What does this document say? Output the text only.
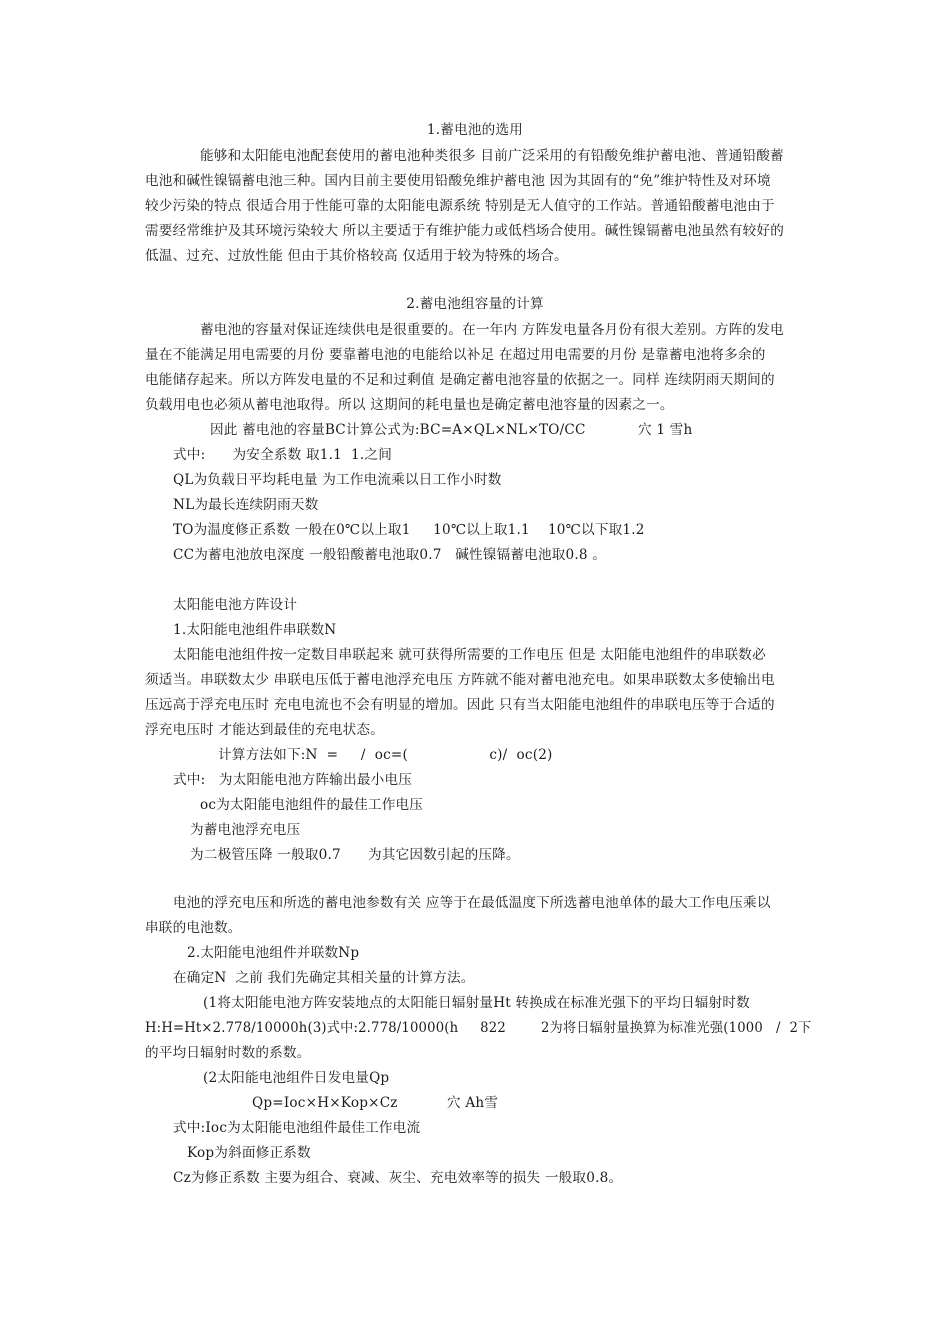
1.蓄电池的选用
能够和太阳能电池配套使用的蓄电池种类很多 目前广泛采用的有铅酸免维护蓄电池、普通铅酸蓄
电池和碱性镍镉蓄电池三种。国内目前主要使用铅酸免维护蓄电池 因为其固有的“免”维护特性及对环境
较少污染的特点 很适合用于性能可靠的太阳能电源系统 特别是无人值守的工作站。普通铅酸蓄电池由于
需要经常维护及其环境污染较大 所以主要适于有维护能力或低档场合使用。碱性镍镉蓄电池虽然有较好的
低温、过充、过放性能 但由于其价格较高 仅适用于较为特殊的场合。
2.蓄电池组容量的计算
蓄电池的容量对保证连续供电是很重要的。在一年内 方阵发电量各月份有很大差别。方阵的发电
量在不能满足用电需要的月份 要靠蓄电池的电能给以补足 在超过用电需要的月份 是靠蓄电池将多余的
电能储存起来。所以方阵发电量的不足和过剩值 是确定蓄电池容量的依据之一。同样 连续阴雨天期间的
负载用电也必须从蓄电池取得。所以 这期间的耗电量也是确定蓄电池容量的因素之一。
因此 蓄电池的容量BC计算公式为:BC=A×QL×NL×TO/CC	穴 1 雪h
式中:      为安全系数 取1.1  1.之间
QL为负载日平均耗电量 为工作电流乘以日工作小时数
NL为最长连续阴雨天数
TO为温度修正系数 一般在0℃以上取1     10℃以上取1.1    10℃以下取1.2
CC为蓄电池放电深度 一般铅酸蓄电池取0.7   碱性镍镉蓄电池取0.8 。
太阳能电池方阵设计
1.太阳能电池组件串联数N
太阳能电池组件按一定数目串联起来 就可获得所需要的工作电压 但是 太阳能电池组件的串联数必
须适当。串联数太少 串联电压低于蓄电池浮充电压 方阵就不能对蓄电池充电。如果串联数太多使输出电
压远高于浮充电压时 充电电流也不会有明显的增加。因此 只有当太阳能电池组件的串联电压等于合适的
浮充电压时 才能达到最佳的充电状态。
计算方法如下:N  =     /  oc=(                  c)/  oc(2)
式中:   为太阳能电池方阵输出最小电压
oc为太阳能电池组件的最佳工作电压
为蓄电池浮充电压
为二极管压降 一般取0.7      为其它因数引起的压降。
电池的浮充电压和所选的蓄电池参数有关 应等于在最低温度下所选蓄电池单体的最大工作电压乘以
串联的电池数。
2.太阳能电池组件并联数Np
在确定N  之前 我们先确定其相关量的计算方法。
(1将太阳能电池方阵安装地点的太阳能日辐射量Ht 转换成在标准光强下的平均日辐射时数
H:H=Ht×2.778/10000h(3)式中:2.778/10000(h     822        2为将日辐射量换算为标准光强(1000   /  2下
的平均日辐射时数的系数。
(2太阳能电池组件日发电量Qp
Qp=Ioc×H×Kop×Cz	穴 Ah雪
式中:Ioc为太阳能电池组件最佳工作电流
Kop为斜面修正系数
Cz为修正系数 主要为组合、衰减、灰尘、充电效率等的损失 一般取0.8。
